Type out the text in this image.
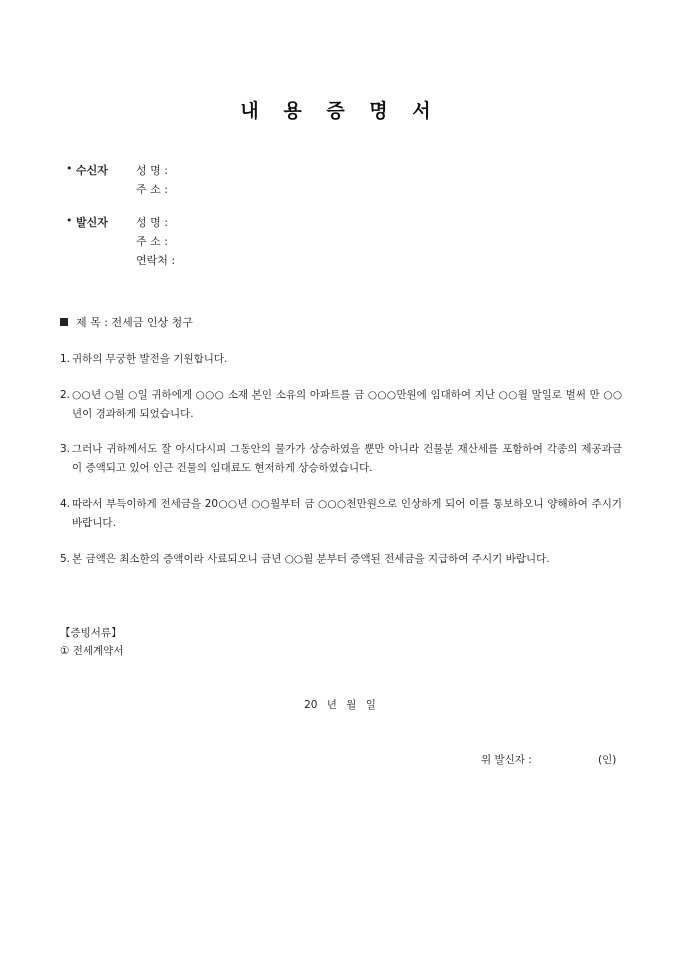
내 용 증 명 서
• 수신자	성 명 :
주 소 :
• 발신자	성 명 :
주 소 :
연락처 :
제 목 : 전세금 인상 청구
1. 귀하의 무궁한 발전을 기원합니다.
2. ○○년 ○월 ○일 귀하에게 ○○○ 소재 본인 소유의 아파트를 금 ○○○만원에 임대하여 지난 ○○월 말일로 벌써 만 ○○년이 경과하게 되었습니다.
3. 그러나 귀하께서도 잘 아시다시피 그동안의 물가가 상승하였을 뿐만 아니라 건물분 재산세를 포함하여 각종의 제공과금이 증액되고 있어 인근 건물의 임대료도 현저하게 상승하였습니다.
4. 따라서 부득이하게 전세금을 20○○년 ○○월부터 금 ○○○천만원으로 인상하게 되어 이를 통보하오니 양해하여 주시기 바랍니다.
5. 본 금액은 최소한의 증액이라 사료되오니 금년 ○○월 분부터 증액된 전세금을 지급하여 주시기 바랍니다.
【증빙서류】
① 전세계약서
20 년 월 일
위 발신자 :	(인)
